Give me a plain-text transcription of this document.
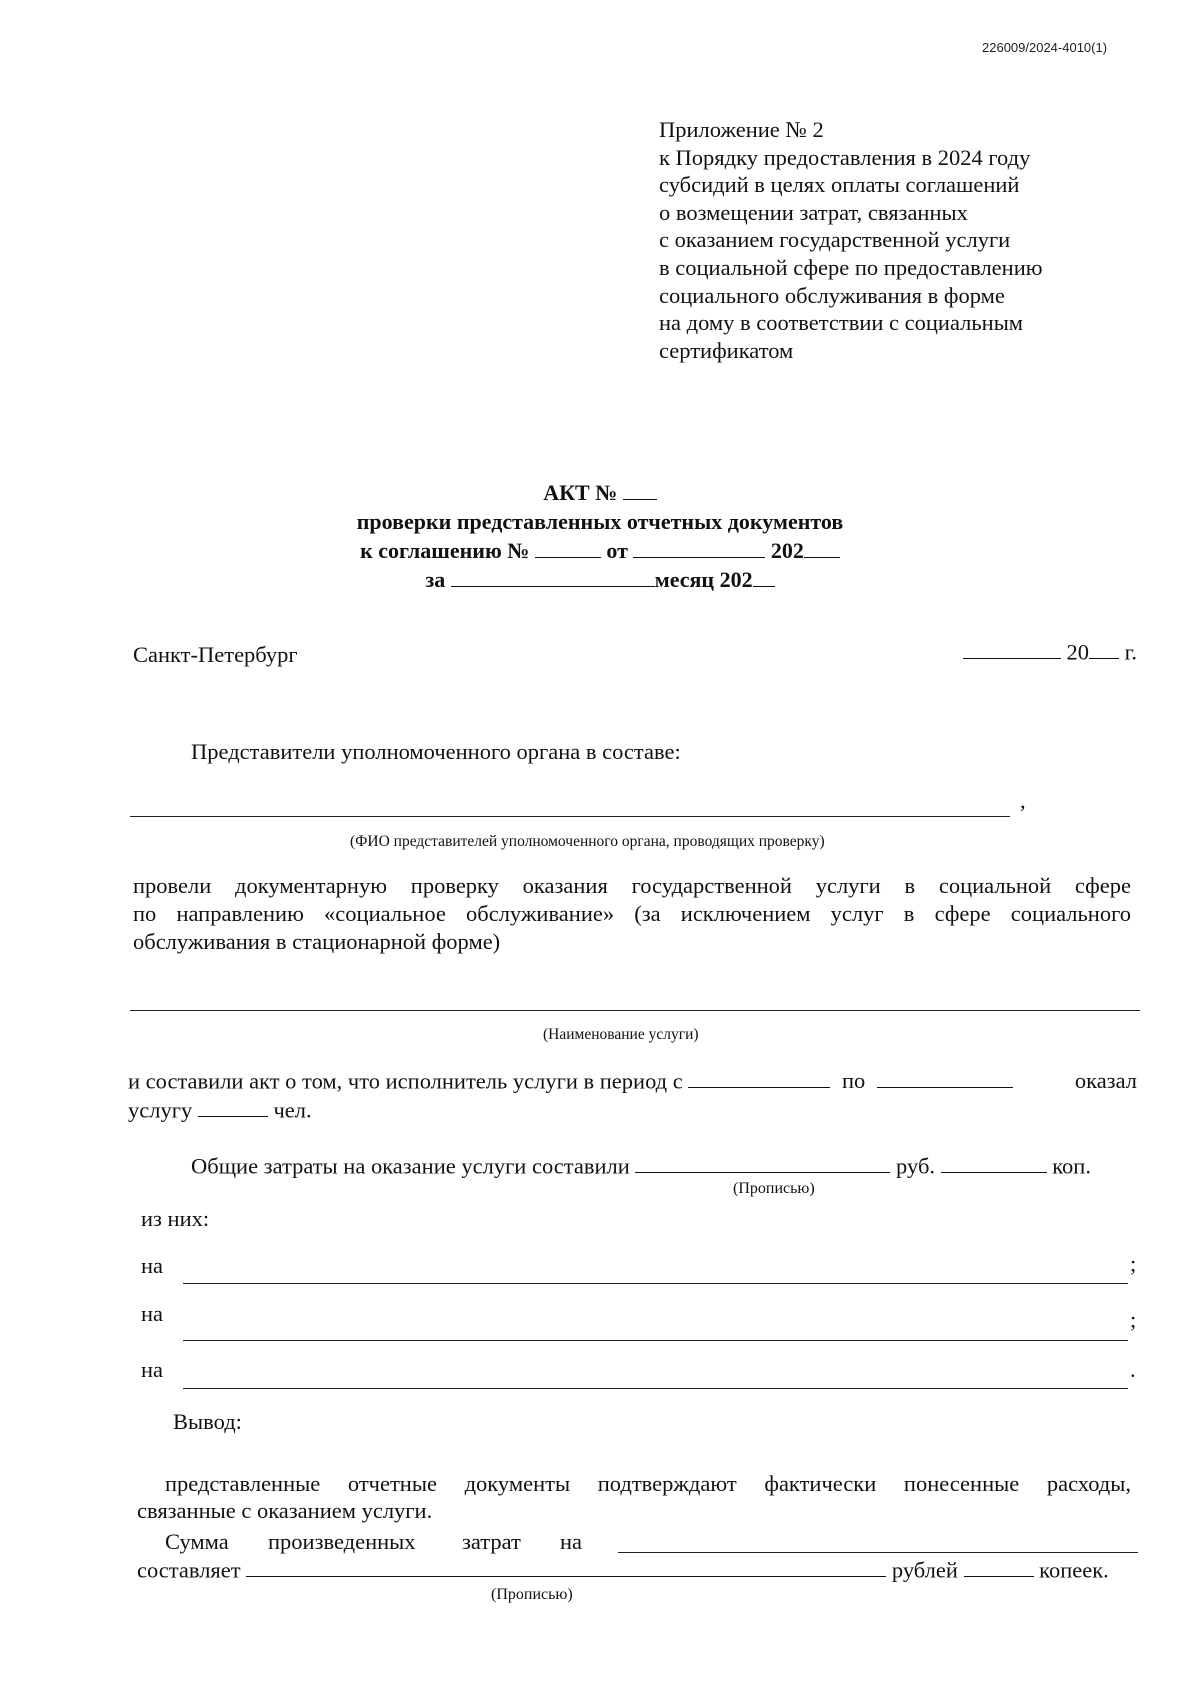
226009/2024-4010(1)
Приложение № 2
к Порядку предоставления в 2024 году
субсидий в целях оплаты соглашений
о возмещении затрат, связанных
с оказанием государственной услуги
в социальной сфере по предоставлению
социального обслуживания в форме
на дому в соответствии с социальным
сертификатом
АКТ №
проверки представленных отчетных документов
к соглашению №	от	202
за	месяц 202
Санкт-Петербург	20 г.
Представители уполномоченного органа в составе:
,
(ФИО представителей уполномоченного органа, проводящих проверку)
провели документарную проверку оказания государственной услуги в социальной сфере
по направлению «социальное обслуживание» (за исключением услуг в сфере социального
обслуживания в стационарной форме)
(Наименование услуги)
и составили акт о том, что исполнитель услуги в период с	по	оказал
услугу	чел.
Общие затраты на оказание услуги составили	руб.	коп.
(Прописью)
из них:
на	;
на	;
на	.
Вывод:
представленные отчетные документы подтверждают фактически понесенные расходы,
связанные с оказанием услуги.
Сумма произведенных затрат на
составляет	рублей	копеек.
(Прописью)
